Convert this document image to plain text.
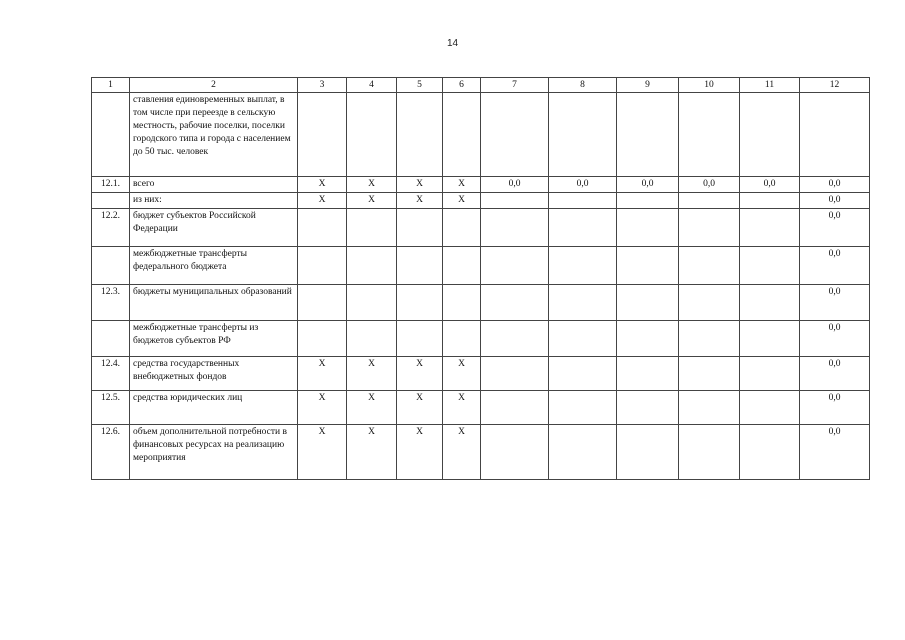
14
1	2	3	4	5	6	7	8	9	10	11	12
	ставления единовременных выплат, в том числе при переезде в сельскую местность, рабочие поселки, поселки городского типа и города с населением до 50 тыс. человек										
12.1.	всего	X	X	X	X	0,0	0,0	0,0	0,0	0,0	0,0
	из них:	X	X	X	X						0,0
12.2.	бюджет субъектов Российской Федерации										0,0
	межбюджетные трансферты федерального бюджета										0,0
12.3.	бюджеты муниципальных образований										0,0
	межбюджетные трансферты из бюджетов субъектов РФ										0,0
12.4.	средства государственных внебюджетных фондов	X	X	X	X						0,0
12.5.	средства юридических лиц	X	X	X	X						0,0
12.6.	объем дополнительной потребности в финансовых ресурсах на реализацию мероприятия	X	X	X	X						0,0
